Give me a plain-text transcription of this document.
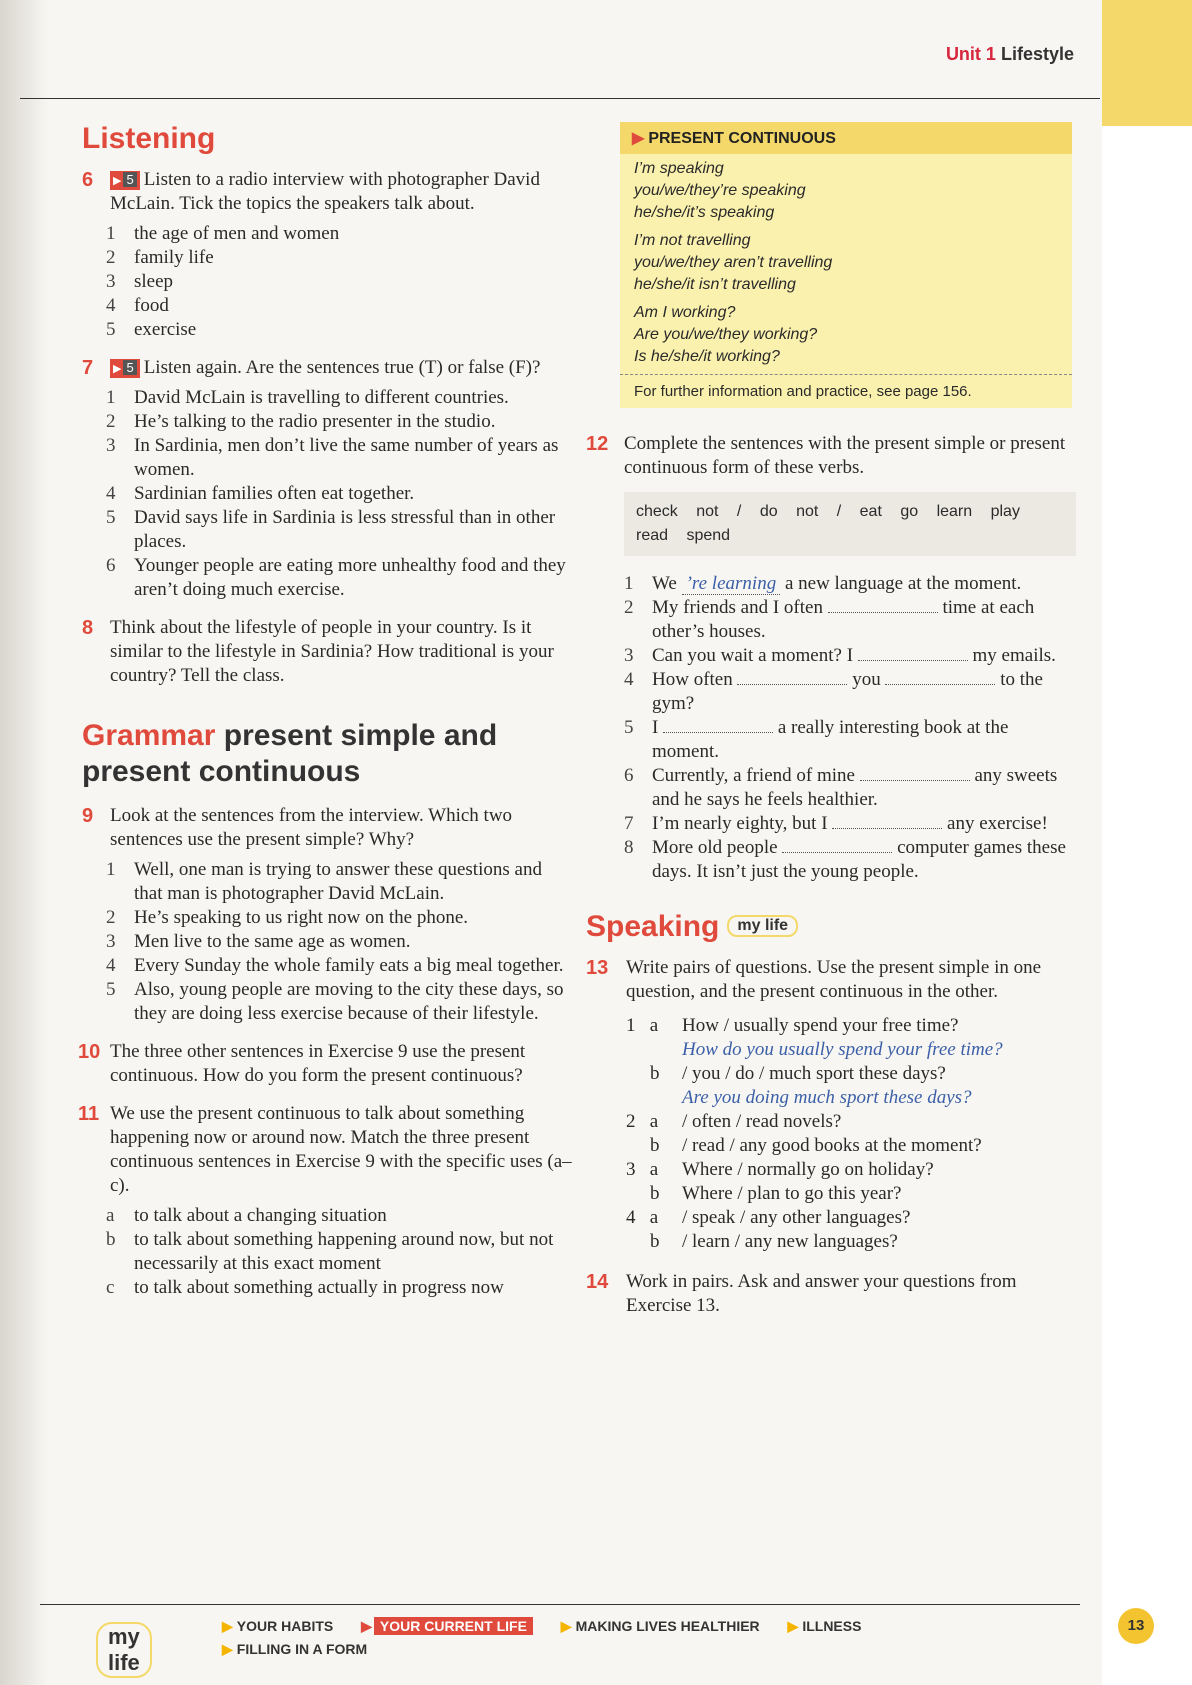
Unit 1 Lifestyle
Listening
6 ▶ 5 Listen to a radio interview with photographer David McLain. Tick the topics the speakers talk about.
1 the age of men and women
2 family life
3 sleep
4 food
5 exercise
7 ▶ 5 Listen again. Are the sentences true (T) or false (F)?
1 David McLain is travelling to different countries.
2 He’s talking to the radio presenter in the studio.
3 In Sardinia, men don’t live the same number of years as women.
4 Sardinian families often eat together.
5 David says life in Sardinia is less stressful than in other places.
6 Younger people are eating more unhealthy food and they aren’t doing much exercise.
8 Think about the lifestyle of people in your country. Is it similar to the lifestyle in Sardinia? How traditional is your country? Tell the class.
Grammar present simple and present continuous
9 Look at the sentences from the interview. Which two sentences use the present simple? Why?
1 Well, one man is trying to answer these questions and that man is photographer David McLain.
2 He’s speaking to us right now on the phone.
3 Men live to the same age as women.
4 Every Sunday the whole family eats a big meal together.
5 Also, young people are moving to the city these days, so they are doing less exercise because of their lifestyle.
10 The three other sentences in Exercise 9 use the present continuous. How do you form the present continuous?
11 We use the present continuous to talk about something happening now or around now. Match the three present continuous sentences in Exercise 9 with the specific uses (a–c).
a to talk about a changing situation
b to talk about something happening around now, but not necessarily at this exact moment
c to talk about something actually in progress now
▶ PRESENT CONTINUOUS
I’m speaking
you/we/they’re speaking
he/she/it’s speaking
I’m not travelling
you/we/they aren’t travelling
he/she/it isn’t travelling
Am I working?
Are you/we/they working?
Is he/she/it working?
For further information and practice, see page 156.
12 Complete the sentences with the present simple or present continuous form of these verbs.
check not / do not / eat go learn play read spend
1 We ’re learning a new language at the moment.
2 My friends and I often	time at each other’s houses.
3 Can you wait a moment? I	my emails.
4 How often	you	to the gym?
5 I	a really interesting book at the moment.
6 Currently, a friend of mine	any sweets and he says he feels healthier.
7 I’m nearly eighty, but I	any exercise!
8 More old people	computer games these days. It isn’t just the young people.
Speaking my life
13 Write pairs of questions. Use the present simple in one question, and the present continuous in the other.
1   a How / usually spend your free time?
How do you usually spend your free time?
b / you / do / much sport these days?
Are you doing much sport these days?
2   a / often / read novels?
b / read / any good books at the moment?
3   a Where / normally go on holiday?
b Where / plan to go this year?
4   a / speak / any other languages?
b / learn / any new languages?
14 Work in pairs. Ask and answer your questions from Exercise 13.
my life
▶ YOUR HABITS ▶ YOUR CURRENT LIFE ▶ MAKING LIVES HEALTHIER ▶ ILLNESS
▶ FILLING IN A FORM
13
